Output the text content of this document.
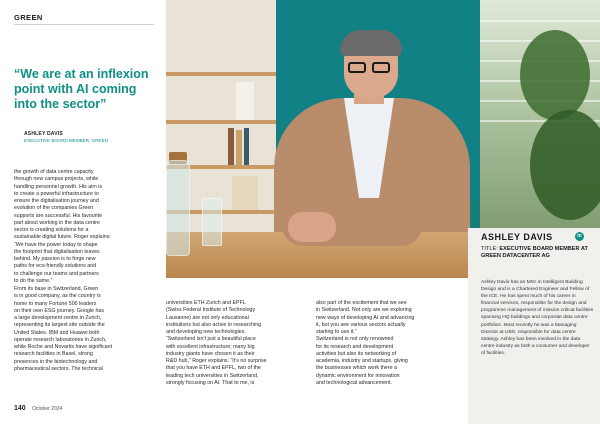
GREEN
“We are at an inflexion point with AI coming into the sector”
ASHLEY DAVIS
EXECUTIVE BOARD MEMBER, GREEN
the growth of data centre capacity
through new campus projects, while
handling personnel growth. His aim is
to create a powerful infrastructure to
ensure the digitalisation journey and
evolution of the companies Green
supports are successful. His favourite
part about working in the data centre
sector is creating solutions for a
sustainable digital future. Roger explains:
“We have the power today to shape
the footprint that digitalisation leaves
behind. My passion is to forge new
paths for eco-friendly solutions and
to challenge our teams and partners
to do the same.”
From its base in Switzerland, Green
is in good company, as the country is
home to many Fortune 500 leaders
on their own ESG journey. Google has
a large development centre in Zurich,
representing its largest site outside the
United States. IBM and Huawei both
operate research laboratories in Zurich,
while Roche and Novartis have significant
research facilities in Basel, strong
presences in the biotechnology and
pharmaceutical sectors. The technical
universities ETH Zurich and EPFL
(Swiss Federal Institute of Technology
Lausanne) are not only educational
institutions but also active in researching
and developing new technologies.
“Switzerland isn’t just a beautiful place
with excellent infrastructure; many big
industry giants have chosen it as their
R&D hub,” Roger explains. “It’s no surprise
that you have ETH and EPFL, two of the
leading tech universities in Switzerland,
strongly focusing on AI. That to me, is
also part of the excitement that we see
in Switzerland. Not only are we exploring
new ways of developing AI and advancing
it, but you see various sectors actually
starting to use it.”
Switzerland is not only renowned
for its research and development
activities but also its networking of
academia, industry and startups, giving
the businesses which work there a
dynamic environment for innovation
and technological advancement.
ASHLEY DAVIS	in
TITLE: EXECUTIVE BOARD MEMBER AT GREEN DATACENTER AG
Ashley Davis has an MSc in Intelligent Building Design and is a Chartered Engineer and Fellow of the ICE. He has spent much of his career in financial services, responsible for the design and programme management of mission critical facilities spanning HQ buildings and corporate data centre portfolios. Most recently he was a Managing Director at UBS, responsible for data centre strategy. Ashley has been involved in the data centre industry as both a consumer and developer of facilities.
140 October 2024
